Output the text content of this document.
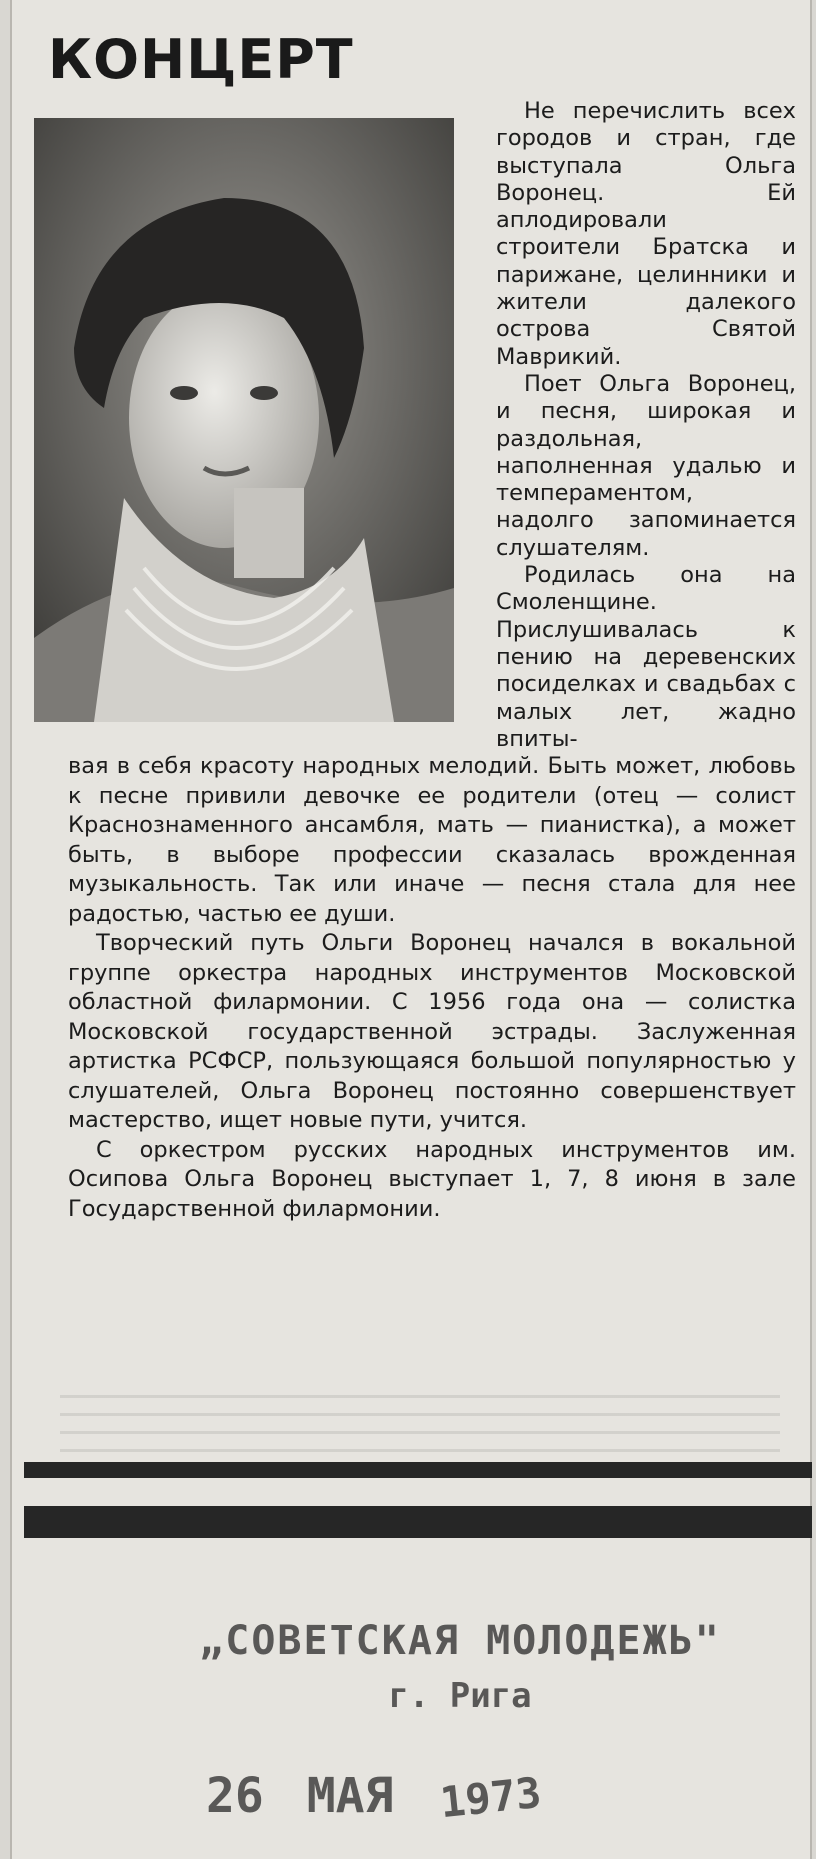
КОНЦЕРТ

Не перечислить всех городов и стран, где выступала Ольга Воронец. Ей аплодировали строители Братска и парижане, целинники и жители далекого острова Святой Маврикий.

Поет Ольга Воронец, и песня, широкая и раздольная, наполненная удалью и темпераментом, надолго запоминается слушателям.

Родилась она на Смоленщине. Прислушивалась к пению на деревенских посиделках и свадьбах с малых лет, жадно впиты-

вая в себя красоту народных мелодий. Быть может, любовь к песне привили девочке ее родители (отец — солист Краснознаменного ансамбля, мать — пианистка), а может быть, в выборе профессии сказалась врожденная музыкальность. Так или иначе — песня стала для нее радостью, частью ее души.

Творческий путь Ольги Воронец начался в вокальной группе оркестра народных инструментов Московской областной филармонии. С 1956 года она — солистка Московской государственной эстрады. Заслуженная артистка РСФСР, пользующаяся большой популярностью у слушателей, Ольга Воронец постоянно совершенствует мастерство, ищет новые пути, учится.

С оркестром русских народных инструментов им. Осипова Ольга Воронец выступает 1, 7, 8 июня в зале Государственной филармонии.

„СОВЕТСКАЯ МОЛОДЕЖЬ"
г. Рига
26 МАЯ 1973
